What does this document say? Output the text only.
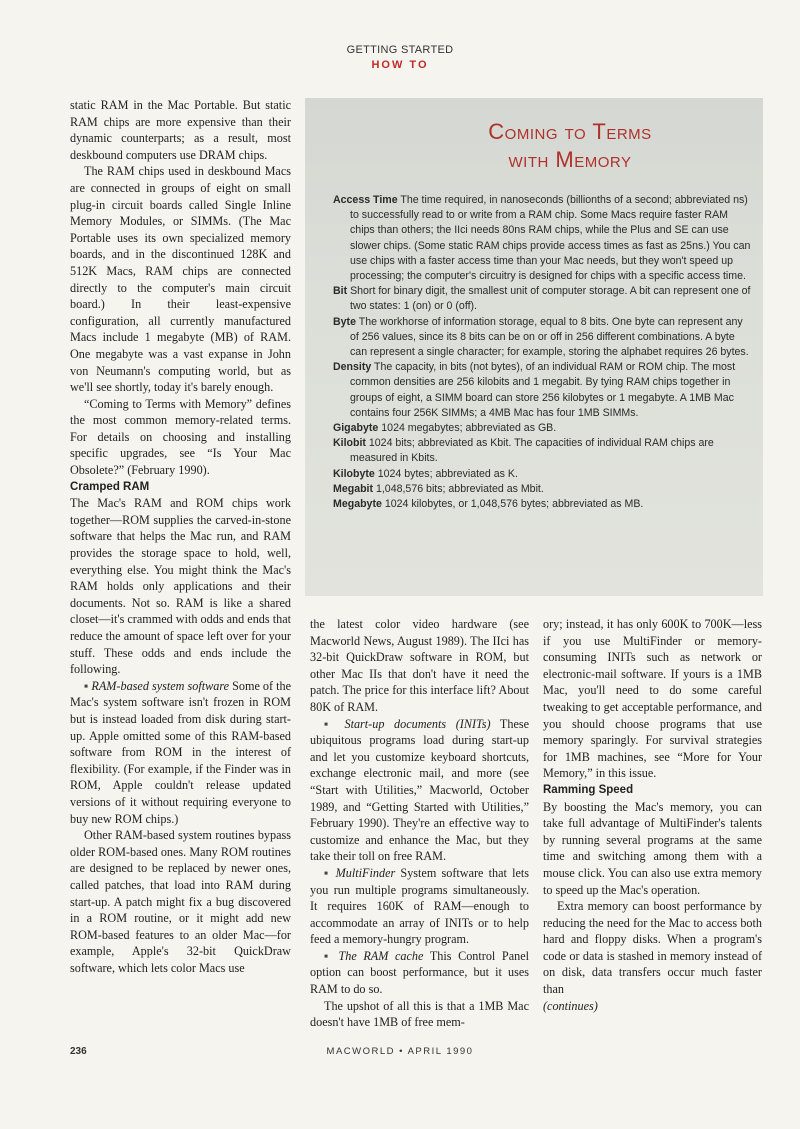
GETTING STARTED
HOW TO

static RAM in the Mac Portable. But static RAM chips are more expensive than their dynamic counterparts; as a result, most deskbound computers use DRAM chips.

The RAM chips used in deskbound Macs are connected in groups of eight on small plug-in circuit boards called Single Inline Memory Modules, or SIMMs. (The Mac Portable uses its own specialized memory boards, and in the discontinued 128K and 512K Macs, RAM chips are connected directly to the computer's main circuit board.) In their least-expensive configuration, all currently manufactured Macs include 1 megabyte (MB) of RAM. One megabyte was a vast expanse in John von Neumann's computing world, but as we'll see shortly, today it's barely enough.

“Coming to Terms with Memory” defines the most common memory-related terms. For details on choosing and installing specific upgrades, see “Is Your Mac Obsolete?” (February 1990).

Cramped RAM

The Mac's RAM and ROM chips work together—ROM supplies the carved-in-stone software that helps the Mac run, and RAM provides the storage space to hold, well, everything else. You might think the Mac's RAM holds only applications and their documents. Not so. RAM is like a shared closet—it's crammed with odds and ends that reduce the amount of space left over for your stuff. These odds and ends include the following.

▪ RAM-based system software Some of the Mac's system software isn't frozen in ROM but is instead loaded from disk during start-up. Apple omitted some of this RAM-based software from ROM in the interest of flexibility. (For example, if the Finder was in ROM, Apple couldn't release updated versions of it without requiring everyone to buy new ROM chips.)

Other RAM-based system routines bypass older ROM-based ones. Many ROM routines are designed to be replaced by newer ones, called patches, that load into RAM during start-up. A patch might fix a bug discovered in a ROM routine, or it might add new ROM-based features to an older Mac—for example, Apple's 32-bit QuickDraw software, which lets color Macs use

Coming to Terms
with Memory

Access Time The time required, in nanoseconds (billionths of a second; abbreviated ns) to successfully read to or write from a RAM chip. Some Macs require faster RAM chips than others; the IIci needs 80ns RAM chips, while the Plus and SE can use slower chips. (Some static RAM chips provide access times as fast as 25ns.) You can use chips with a faster access time than your Mac needs, but they won't speed up processing; the computer's circuitry is designed for chips with a specific access time.

Bit Short for binary digit, the smallest unit of computer storage. A bit can represent one of two states: 1 (on) or 0 (off).

Byte The workhorse of information storage, equal to 8 bits. One byte can represent any of 256 values, since its 8 bits can be on or off in 256 different combinations. A byte can represent a single character; for example, storing the alphabet requires 26 bytes.

Density The capacity, in bits (not bytes), of an individual RAM or ROM chip. The most common densities are 256 kilobits and 1 megabit. By tying RAM chips together in groups of eight, a SIMM board can store 256 kilobytes or 1 megabyte. A 1MB Mac contains four 256K SIMMs; a 4MB Mac has four 1MB SIMMs.

Gigabyte 1024 megabytes; abbreviated as GB.

Kilobit 1024 bits; abbreviated as Kbit. The capacities of individual RAM chips are measured in Kbits.

Kilobyte 1024 bytes; abbreviated as K.

Megabit 1,048,576 bits; abbreviated as Mbit.

Megabyte 1024 kilobytes, or 1,048,576 bytes; abbreviated as MB.

the latest color video hardware (see Macworld News, August 1989). The IIci has 32-bit QuickDraw software in ROM, but other Mac IIs that don't have it need the patch. The price for this interface lift? About 80K of RAM.

▪ Start-up documents (INITs) These ubiquitous programs load during start-up and let you customize keyboard shortcuts, exchange electronic mail, and more (see “Start with Utilities,” Macworld, October 1989, and “Getting Started with Utilities,” February 1990). They're an effective way to customize and enhance the Mac, but they take their toll on free RAM.

▪ MultiFinder System software that lets you run multiple programs simultaneously. It requires 160K of RAM—enough to accommodate an array of INITs or to help feed a memory-hungry program.

▪ The RAM cache This Control Panel option can boost performance, but it uses RAM to do so.

The upshot of all this is that a 1MB Mac doesn't have 1MB of free mem-

ory; instead, it has only 600K to 700K—less if you use MultiFinder or memory-consuming INITs such as network or electronic-mail software. If yours is a 1MB Mac, you'll need to do some careful tweaking to get acceptable performance, and you should choose programs that use memory sparingly. For survival strategies for 1MB machines, see “More for Your Memory,” in this issue.

Ramming Speed

By boosting the Mac's memory, you can take full advantage of MultiFinder's talents by running several programs at the same time and switching among them with a mouse click. You can also use extra memory to speed up the Mac's operation.

Extra memory can boost performance by reducing the need for the Mac to access both hard and floppy disks. When a program's code or data is stashed in memory instead of on disk, data transfers occur much faster than

(continues)

236	MACWORLD • APRIL 1990
